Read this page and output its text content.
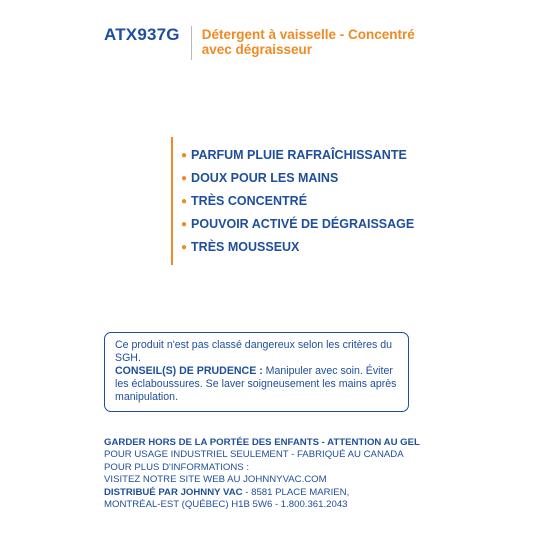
ATX937G Détergent à vaisselle - Concentré
avec dégraisseur
● PARFUM PLUIE RAFRAÎCHISSANTE
● DOUX POUR LES MAINS
● TRÈS CONCENTRÉ
● POUVOIR ACTIVÉ DE DÉGRAISSAGE
● TRÈS MOUSSEUX

Ce produit n'est pas classé dangereux selon les critères du SGH.

CONSEIL(S) DE PRUDENCE : Manipuler avec soin. Éviter les éclaboussures. Se laver soigneusement les mains après manipulation.

GARDER HORS DE LA PORTÉE DES ENFANTS - ATTENTION AU GEL
POUR USAGE INDUSTRIEL SEULEMENT - FABRIQUÉ AU CANADA
POUR PLUS D'INFORMATIONS :
VISITEZ NOTRE SITE WEB AU JOHNNYVAC.COM
DISTRIBUÉ PAR JOHNNY VAC - 8581 PLACE MARIEN,
MONTRÉAL-EST (QUÉBEC) H1B 5W6 - 1.800.361.2043
